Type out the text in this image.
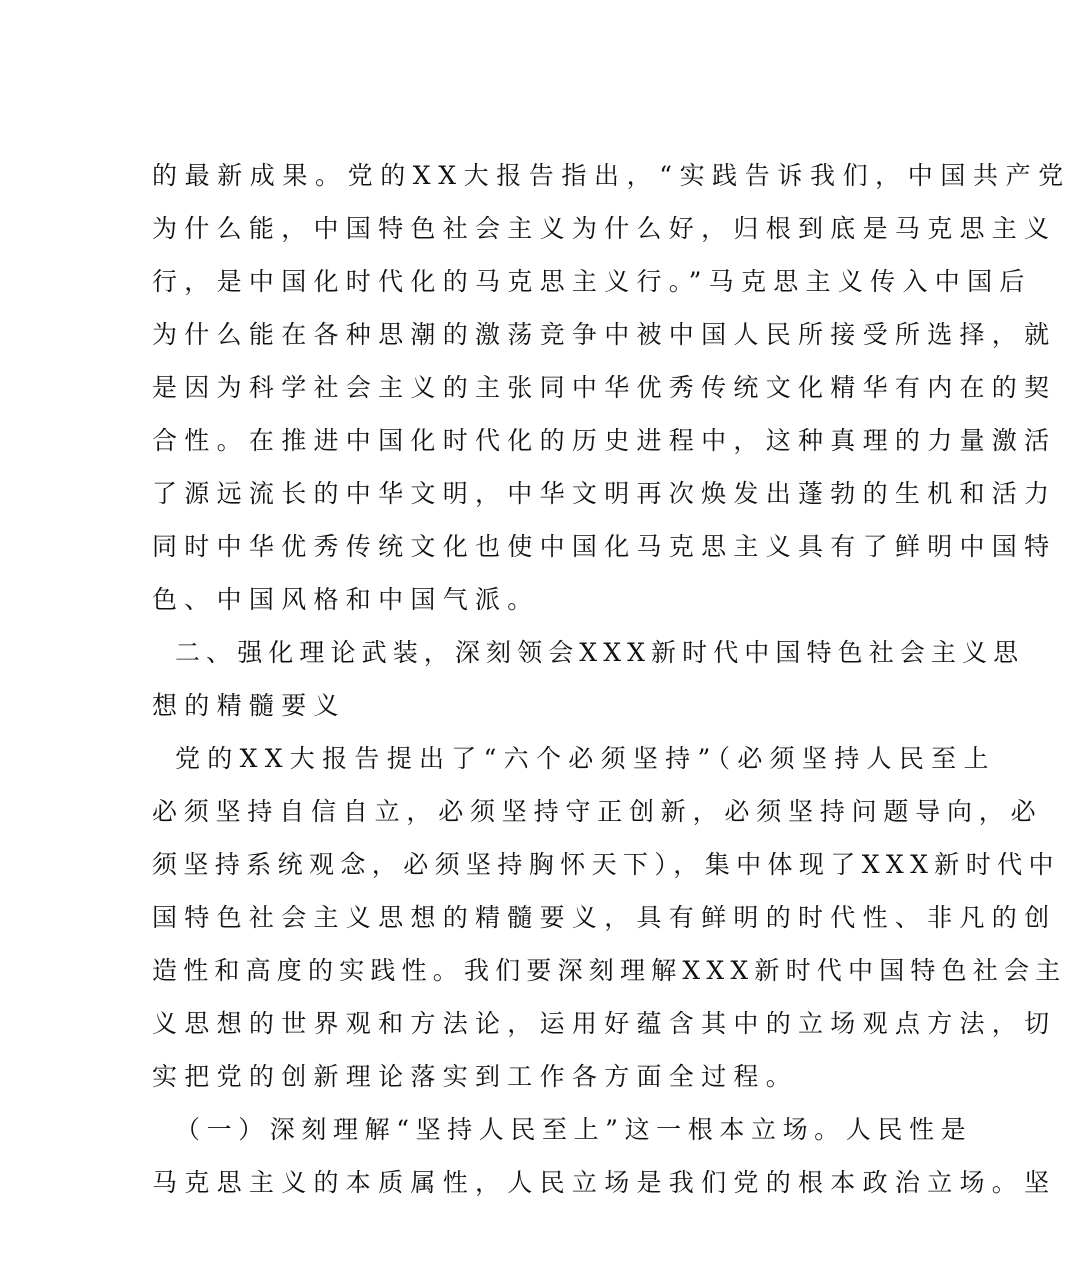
的最新成果。党的XX大报告指出，“实践告诉我们，中国共产党
为什么能，中国特色社会主义为什么好，归根到底是马克思主义
行，是中国化时代化的马克思主义行。”马克思主义传入中国后
为什么能在各种思潮的激荡竞争中被中国人民所接受所选择，就
是因为科学社会主义的主张同中华优秀传统文化精华有内在的契
合性。在推进中国化时代化的历史进程中，这种真理的力量激活
了源远流长的中华文明，中华文明再次焕发出蓬勃的生机和活力
同时中华优秀传统文化也使中国化马克思主义具有了鲜明中国特
色、中国风格和中国气派。
二、强化理论武装，深刻领会XXX新时代中国特色社会主义思
想的精髓要义
党的XX大报告提出了“六个必须坚持”（必须坚持人民至上
必须坚持自信自立，必须坚持守正创新，必须坚持问题导向，必
须坚持系统观念，必须坚持胸怀天下），集中体现了XXX新时代中
国特色社会主义思想的精髓要义，具有鲜明的时代性、非凡的创
造性和高度的实践性。我们要深刻理解XXX新时代中国特色社会主
义思想的世界观和方法论，运用好蕴含其中的立场观点方法，切
实把党的创新理论落实到工作各方面全过程。
（一）深刻理解“坚持人民至上”这一根本立场。人民性是
马克思主义的本质属性，人民立场是我们党的根本政治立场。坚
